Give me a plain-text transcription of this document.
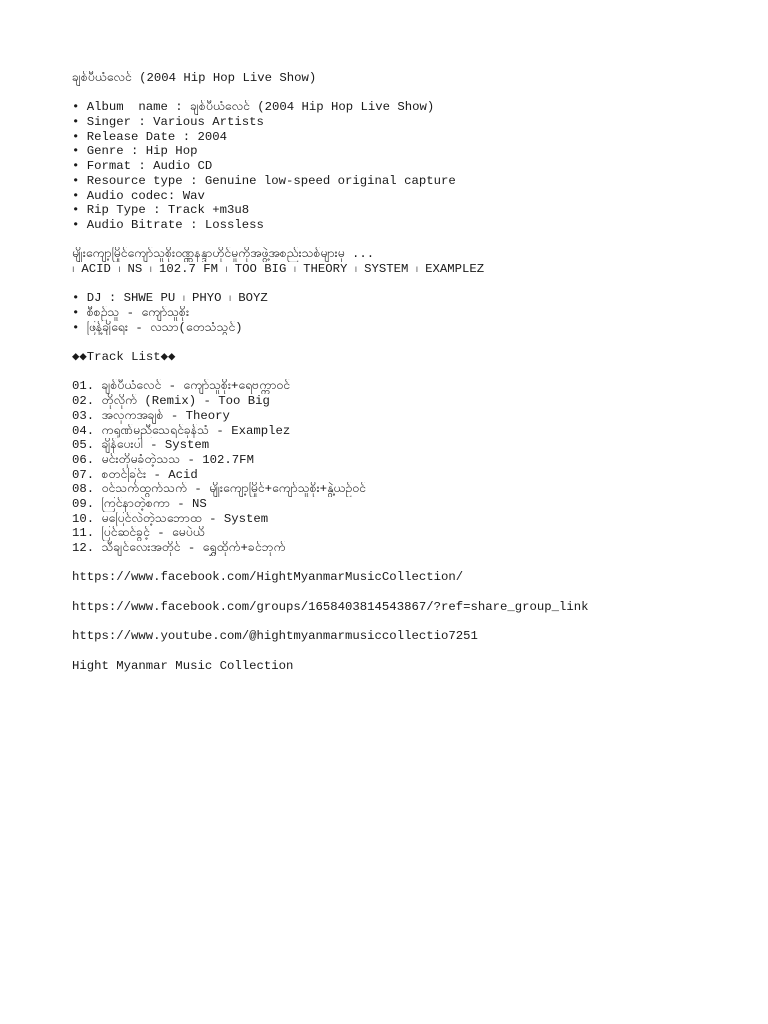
ချစ်ပီယံလေင် (2004 Hip Hop Live Show)
• Album  name : ချစ်ပီယံလေင် (2004 Hip Hop Live Show)
• Singer : Various Artists
• Release Date : 2004
• Genre : Hip Hop
• Format : Audio CD
• Resource type : Genuine low-speed original capture
• Audio codec: Wav
• Rip Type : Track +m3u8
• Audio Bitrate : Lossless
မျိုးကျော့မြိုင်ကျော်သူစိုးဝဏ္ဏနန္ဒာဟိုင်မှုကိုအဖွဲ့အစည်းသစ်များမှ ...
၊ ACID ၊ NS ၊ 102.7 FM ၊ TOO BIG ၊ THEORY ၊ SYSTEM ၊ EXAMPLEZ
• DJ : SHWE PU ၊ PHYO ၊ BOYZ
• စီစဉ်သူ - ကျော်သူစိုး
• ဖြန့်ချိရေး - လသာ(တေသံသွင်)
◆◆Track List◆◆
01. ချစ်ပီယံလေင် - ကျော်သူစိုး+ရေဗက္ကာဝင်
02. တိုလိုက် (Remix) - Too Big
03. အလှကအချစ် - Theory
04. ကရုဏ်မညီသေရင်ခုန်သံ - Examplez
05. ချိန်ပေးပါ - System
06. မင်းတိုမခံတဲ့သသ - 102.7FM
07. စတင်ခြင်း - Acid
08. ဝင်သက်ထွက်သက် - မျိုးကျော့မြိုင်+ကျော်သူစိုး+နွဲ့ယဉ်ဝင်
09. ကြင်နာတဲ့စကာ - NS
10. မပြေင်လဲတဲ့သဘောထ - System
11. ပြင်ဆင်ခွင့် - မေပဲယိ
12. သီချင်လေးအတိုင် - ရွှေထိုက်+ခင်ဘုက်
https://www.facebook.com/HightMyanmarMusicCollection/
https://www.facebook.com/groups/1658403814543867/?ref=share_group_link
https://www.youtube.com/@hightmyanmarmusiccollectio7251
Hight Myanmar Music Collection
